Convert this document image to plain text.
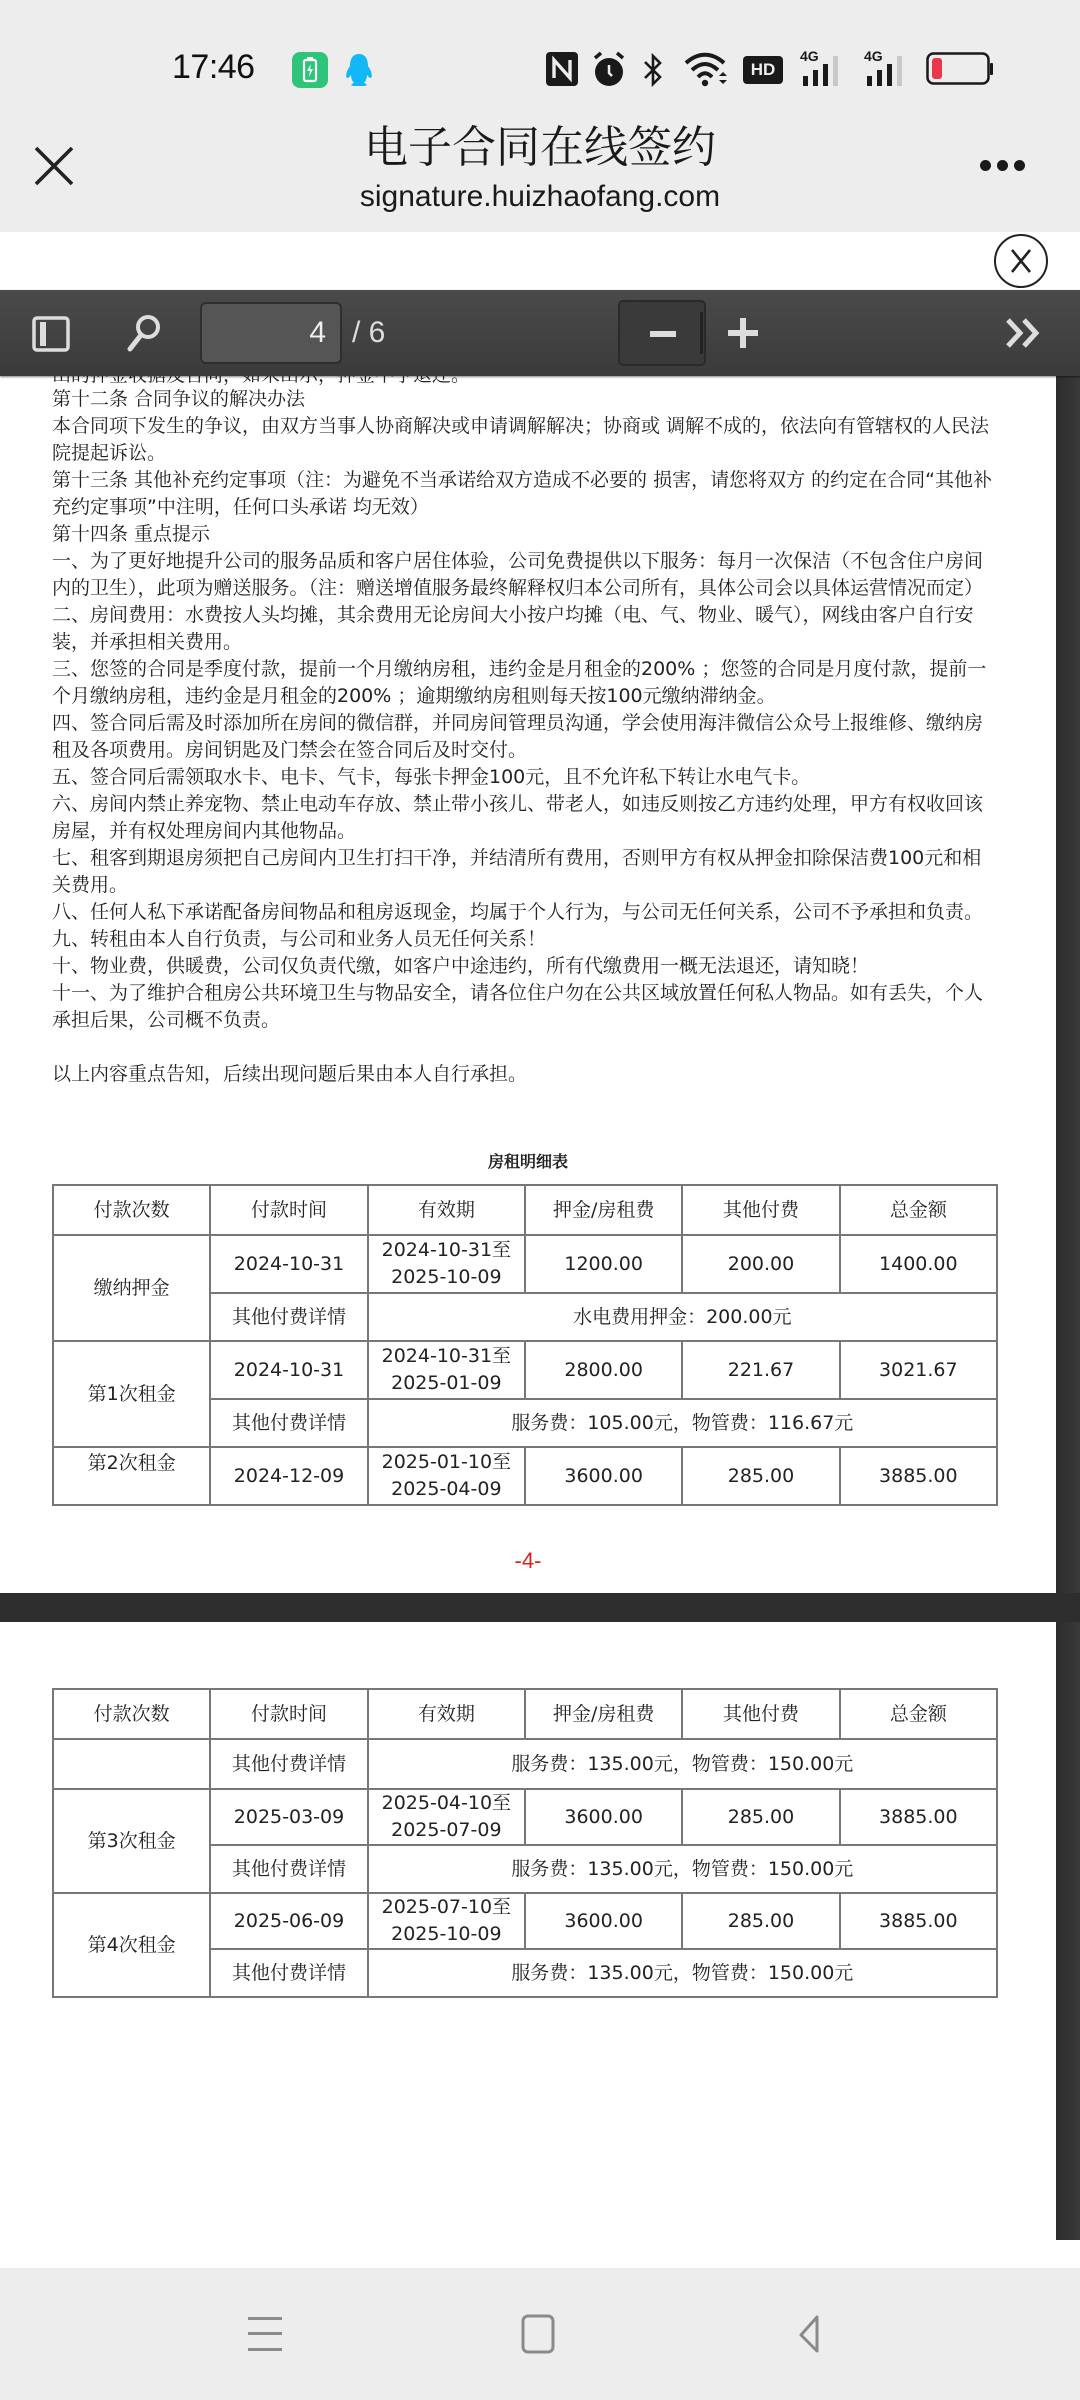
17:46	HD
4G	4G
电子合同在线签约
signature.huizhaofang.com
4 / 6

第十二条 合同争议的解决办法

本合同项下发生的争议，由双方当事人协商解决或申请调解解决；协商或 调解不成的，依法向有管辖权的人民法院提起诉讼。

第十三条 其他补充约定事项（注：为避免不当承诺给双方造成不必要的 损害，请您将双方 的约定在合同“其他补充约定事项”中注明，任何口头承诺 均无效）

第十四条 重点提示

一、为了更好地提升公司的服务品质和客户居住体验，公司免费提供以下服务：每月一次保洁（不包含住户房间内的卫生），此项为赠送服务。（注：赠送增值服务最终解释权归本公司所有，具体公司会以具体运营情况而定）

二、房间费用：水费按人头均摊，其余费用无论房间大小按户均摊（电、气、物业、暖气），网线由客户自行安装，并承担相关费用。

三、您签的合同是季度付款，提前一个月缴纳房租，违约金是月租金的200% ；您签的合同是月度付款，提前一个月缴纳房租，违约金是月租金的200% ；逾期缴纳房租则每天按100元缴纳滞纳金。

四、签合同后需及时添加所在房间的微信群，并同房间管理员沟通，学会使用海沣微信公众号上报维修、缴纳房租及各项费用。房间钥匙及门禁会在签合同后及时交付。

五、签合同后需领取水卡、电卡、气卡，每张卡押金100元，且不允许私下转让水电气卡。

六、房间内禁止养宠物、禁止电动车存放、禁止带小孩儿、带老人，如违反则按乙方违约处理，甲方有权收回该房屋，并有权处理房间内其他物品。

七、租客到期退房须把自己房间内卫生打扫干净，并结清所有费用，否则甲方有权从押金扣除保洁费100元和相关费用。

八、任何人私下承诺配备房间物品和租房返现金，均属于个人行为，与公司无任何关系，公司不予承担和负责。

九、转租由本人自行负责，与公司和业务人员无任何关系！

十、物业费，供暖费，公司仅负责代缴，如客户中途违约，所有代缴费用一概无法退还，请知晓！

十一、为了维护合租房公共环境卫生与物品安全，请各位住户勿在公共区域放置任何私人物品。如有丢失，个人承担后果，公司概不负责。

以上内容重点告知，后续出现问题后果由本人自行承担。

房租明细表
付款次数	付款时间	有效期	押金/房租费	其他付费	总金额
缴纳押金	2024-10-31	2024-10-31至
2025-10-09	1200.00	200.00	1400.00
	其他付费详情	水电费用押金：200.00元			
第1次租金	2024-10-31	2024-10-31至
2025-01-09	2800.00	221.67	3021.67
	其他付费详情	服务费：105.00元，物管费：116.67元			
第2次租金	2024-12-09	2025-01-10至
2025-04-09	3600.00	285.00	3885.00
-4-
付款次数	付款时间	有效期	押金/房租费	其他付费	总金额
	其他付费详情	服务费：135.00元，物管费：150.00元			
第3次租金	2025-03-09	2025-04-10至
2025-07-09	3600.00	285.00	3885.00
	其他付费详情	服务费：135.00元，物管费：150.00元			
第4次租金	2025-06-09	2025-07-10至
2025-10-09	3600.00	285.00	3885.00
	其他付费详情	服务费：135.00元，物管费：150.00元			
